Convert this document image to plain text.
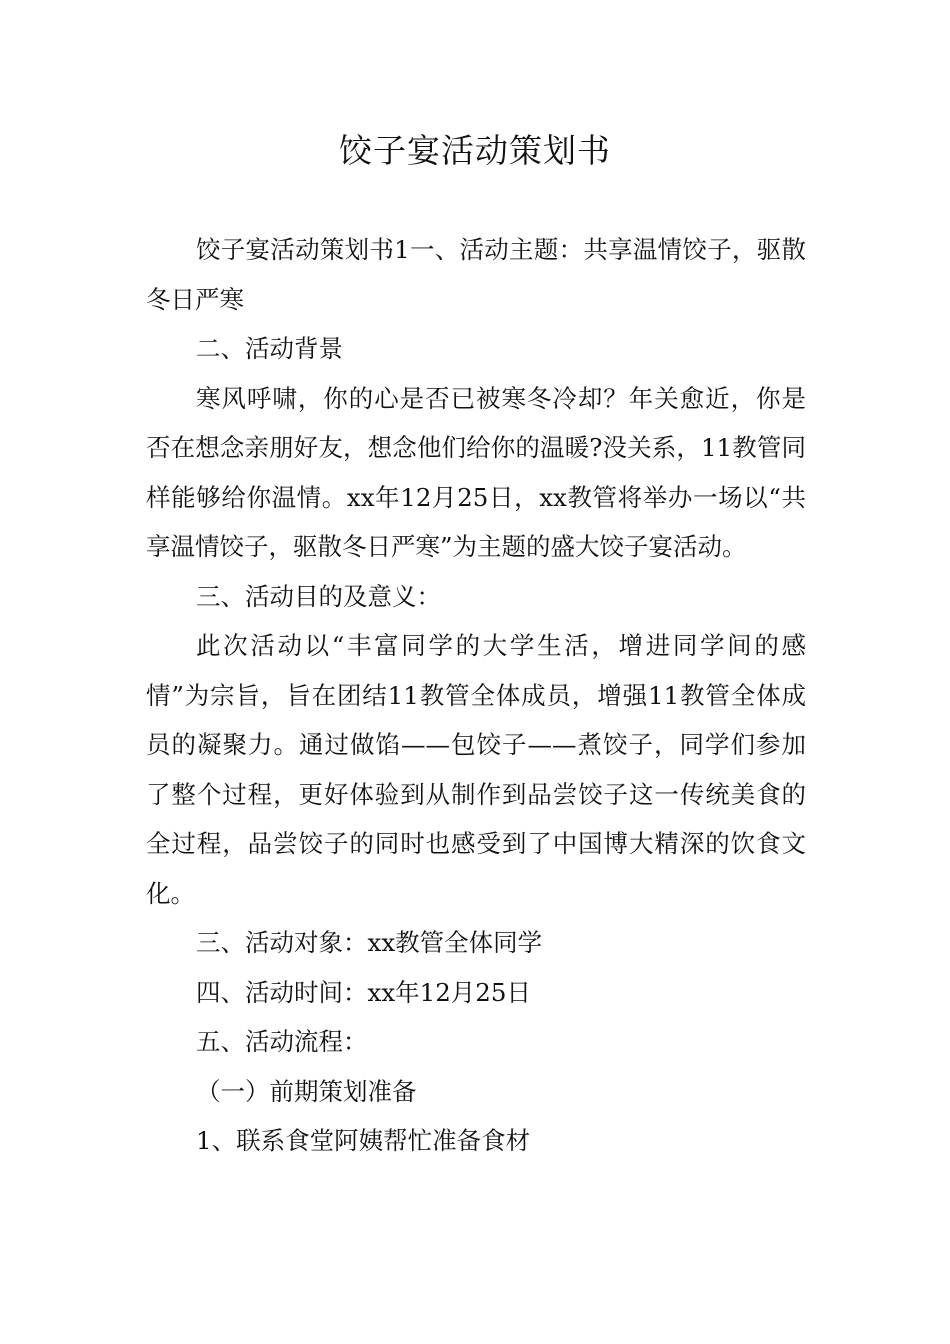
饺子宴活动策划书

饺子宴活动策划书1一、活动主题：共享温情饺子，驱散冬日严寒

二、活动背景

寒风呼啸，你的心是否已被寒冬冷却？年关愈近，你是否在想念亲朋好友，想念他们给你的温暖?没关系，11教管同样能够给你温情。xx年12月25日，xx教管将举办一场以“共享温情饺子，驱散冬日严寒”为主题的盛大饺子宴活动。

三、活动目的及意义：

此次活动以“丰富同学的大学生活，增进同学间的感情”为宗旨，旨在团结11教管全体成员，增强11教管全体成员的凝聚力。通过做馅——包饺子——煮饺子，同学们参加了整个过程，更好体验到从制作到品尝饺子这一传统美食的全过程，品尝饺子的同时也感受到了中国博大精深的饮食文化。

三、活动对象：xx教管全体同学

四、活动时间：xx年12月25日

五、活动流程：

（一）前期策划准备

1、联系食堂阿姨帮忙准备食材
